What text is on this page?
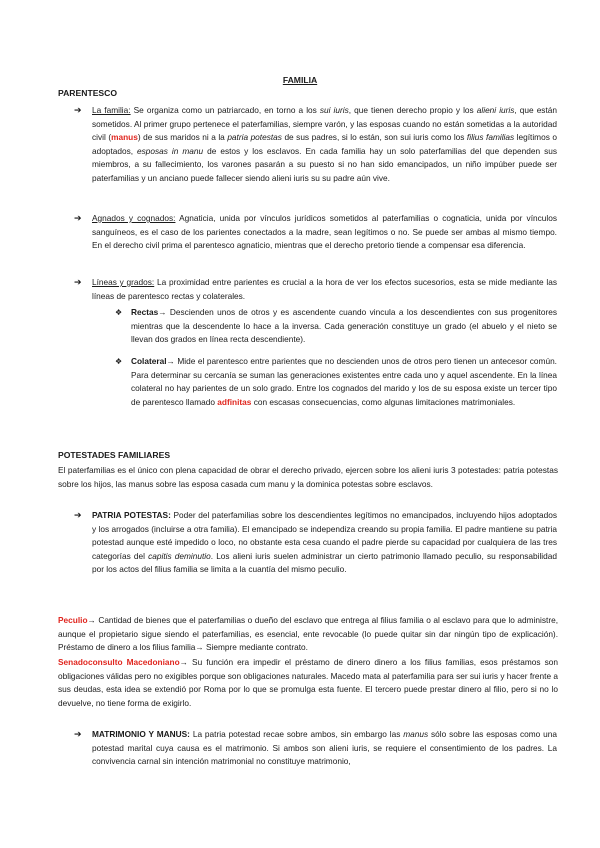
FAMILIA
PARENTESCO
➔ La familia: Se organiza como un patriarcado, en torno a los sui iuris, que tienen derecho propio y los alieni iuris, que están sometidos. Al primer grupo pertenece el paterfamilias, siempre varón, y las esposas cuando no están sometidas a la autoridad civil (manus) de sus maridos ni a la patria potestas de sus padres, si lo están, son sui iuris como los filius familias legítimos o adoptados, esposas in manu de estos y los esclavos. En cada familia hay un solo paterfamilias del que dependen sus miembros, a su fallecimiento, los varones pasarán a su puesto si no han sido emancipados, un niño impúber puede ser paterfamilias y un anciano puede fallecer siendo alieni iuris su su padre aún vive.

➔ Agnados y cognados: Agnaticia, unida por vínculos jurídicos sometidos al paterfamilias o cognaticia, unida por vínculos sanguíneos, es el caso de los parientes conectados a la madre, sean legítimos o no. Se puede ser ambas al mismo tiempo. En el derecho civil prima el parentesco agnaticio, mientras que el derecho pretorio tiende a compensar esa diferencia.

➔ Líneas y grados: La proximidad entre parientes es crucial a la hora de ver los efectos sucesorios, esta se mide mediante las líneas de parentesco rectas y colaterales.

❖ Rectas→ Descienden unos de otros y es ascendente cuando vincula a los descendientes con sus progenitores mientras que la descendente lo hace a la inversa. Cada generación constituye un grado (el abuelo y el nieto se llevan dos grados en línea recta descendiente).

❖ Colateral→ Mide el parentesco entre parientes que no descienden unos de otros pero tienen un antecesor común. Para determinar su cercanía se suman las generaciones existentes entre cada uno y aquel ascendente. En la línea colateral no hay parientes de un solo grado. Entre los cognados del marido y los de su esposa existe un tercer tipo de parentesco llamado adfinitas con escasas consecuencias, como algunas limitaciones matrimoniales.

POTESTADES FAMILIARES

El paterfamilias es el único con plena capacidad de obrar el derecho privado, ejercen sobre los alieni iuris 3 potestades: patria potestas sobre los hijos, las manus sobre las esposa casada cum manu y la dominica potestas sobre esclavos.

➔ PATRIA POTESTAS: Poder del paterfamilias sobre los descendientes legítimos no emancipados, incluyendo hijos adoptados y los arrogados (incluirse a otra familia). El emancipado se independiza creando su propia familia. El padre mantiene su patria potestad aunque esté impedido o loco, no obstante esta cesa cuando el padre pierde su capacidad por cualquiera de las tres categorías del capitis deminutio. Los alieni iuris suelen administrar un cierto patrimonio llamado peculio, su responsabilidad por los actos del filius familia se limita a la cuantía del mismo peculio.

Peculio→ Cantidad de bienes que el paterfamilias o dueño del esclavo que entrega al filius familia o al esclavo para que lo administre, aunque el propietario sigue siendo el paterfamilias, es esencial, ente revocable (lo puede quitar sin dar ningún tipo de explicación). Préstamo de dinero a los filius familia→ Siempre mediante contrato.

Senadoconsulto Macedoniano→ Su función era impedir el préstamo de dinero dinero a los filius familias, esos préstamos son obligaciones válidas pero no exigibles porque son obligaciones naturales. Macedo mata al paterfamilia para ser sui iuris y hacer frente a sus deudas, esta idea se extendió por Roma por lo que se promulga esta fuente. El tercero puede prestar dinero al filio, pero si no lo devuelve, no tiene forma de exigirlo.

➔ MATRIMONIO Y MANUS: La patria potestad recae sobre ambos, sin embargo las manus sólo sobre las esposas como una potestad marital cuya causa es el matrimonio. Si ambos son alieni iuris, se requiere el consentimiento de los padres. La convivencia carnal sin intención matrimonial no constituye matrimonio,
